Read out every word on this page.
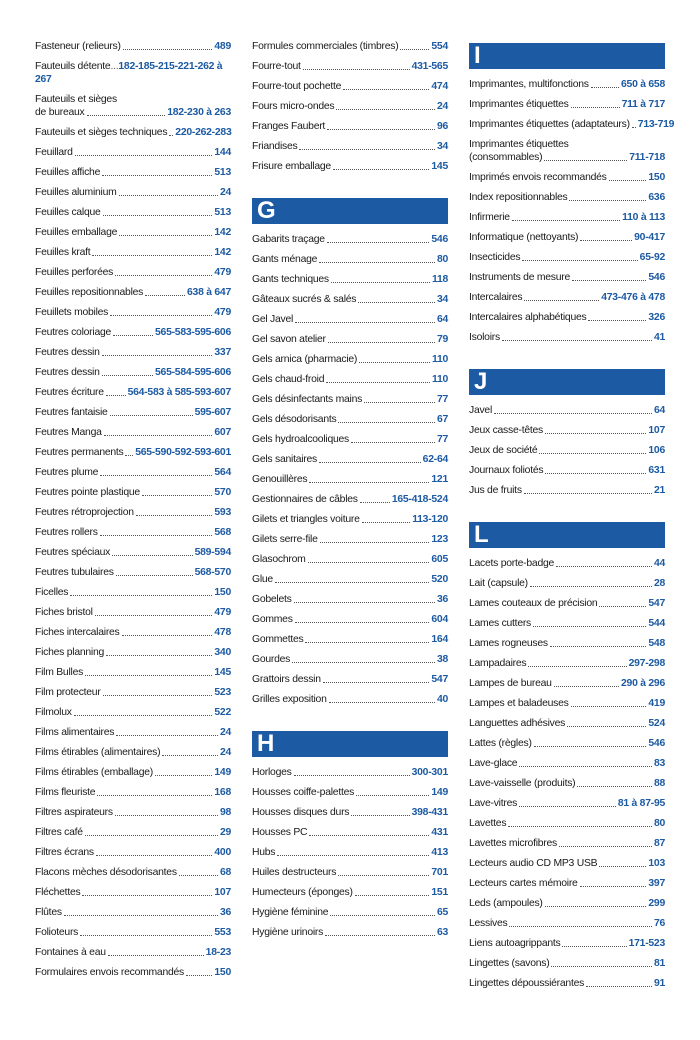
Fasteneur (relieurs)	489
Fauteuils détente...182-185-215-221-262 à 267
Fauteuils et sièges
de bureaux	182-230 à 263
Fauteuils et sièges techniques 220-262-283
Feuillard	144
Feuilles affiche	513
Feuilles aluminium	24
Feuilles calque	513
Feuilles emballage	142
Feuilles kraft	142
Feuilles perforées	479
Feuilles repositionnables	638 à 647
Feuillets mobiles	479
Feutres coloriage	565-583-595-606
Feutres dessin	337
Feutres dessin	565-584-595-606
Feutres écriture 564-583 à 585-593-607
Feutres fantaisie	595-607
Feutres Manga	607
Feutres permanents 565-590-592-593-601
Feutres plume	564
Feutres pointe plastique	570
Feutres rétroprojection	593
Feutres rollers	568
Feutres spéciaux	589-594
Feutres tubulaires	568-570
Ficelles	150
Fiches bristol	479
Fiches intercalaires	478
Fiches planning	340
Film Bulles	145
Film protecteur	523
Filmolux	522
Films alimentaires	24
Films étirables (alimentaires)	24
Films étirables (emballage)	149
Films fleuriste	168
Filtres aspirateurs	98
Filtres café	29
Filtres écrans	400
Flacons mèches désodorisantes	68
Fléchettes	107
Flûtes	36
Folioteurs	553
Fontaines à eau	18-23
Formulaires envois recommandés	150
Formules commerciales (timbres)	554
Fourre-tout	431-565
Fourre-tout pochette	474
Fours micro-ondes	24
Franges Faubert	96
Friandises	34
Frisure emballage	145
G
Gabarits traçage	546
Gants ménage	80
Gants techniques	118
Gâteaux sucrés & salés	34
Gel Javel	64
Gel savon atelier	79
Gels arnica (pharmacie)	110
Gels chaud-froid	110
Gels désinfectants mains	77
Gels désodorisants	67
Gels hydroalcooliques	77
Gels sanitaires	62-64
Genouillères	121
Gestionnaires de câbles	165-418-524
Gilets et triangles voiture	113-120
Gilets serre-file	123
Glasochrom	605
Glue	520
Gobelets	36
Gommes	604
Gommettes	164
Gourdes	38
Grattoirs dessin	547
Grilles exposition	40
H
Horloges	300-301
Housses coiffe-palettes	149
Housses disques durs	398-431
Housses PC	431
Hubs	413
Huiles destructeurs	701
Humecteurs (éponges)	151
Hygiène féminine	65
Hygiène urinoirs	63
I
Imprimantes, multifonctions	650 à 658
Imprimantes étiquettes	711 à 717
Imprimantes étiquettes (adaptateurs) 713-719
Imprimantes étiquettes
(consommables)	711-718
Imprimés envois recommandés	150
Index repositionnables	636
Infirmerie	110 à 113
Informatique (nettoyants)	90-417
Insecticides	65-92
Instruments de mesure	546
Intercalaires	473-476 à 478
Intercalaires alphabétiques	326
Isoloirs	41
J
Javel	64
Jeux casse-têtes	107
Jeux de société	106
Journaux foliotés	631
Jus de fruits	21
L
Lacets porte-badge	44
Lait (capsule)	28
Lames couteaux de précision	547
Lames cutters	544
Lames rogneuses	548
Lampadaires	297-298
Lampes de bureau	290 à 296
Lampes et baladeuses	419
Languettes adhésives	524
Lattes (règles)	546
Lave-glace	83
Lave-vaisselle (produits)	88
Lave-vitres	81 à 87-95
Lavettes	80
Lavettes microfibres	87
Lecteurs audio CD MP3 USB	103
Lecteurs cartes mémoire	397
Leds (ampoules)	299
Lessives	76
Liens autoagrippants	171-523
Lingettes (savons)	81
Lingettes dépoussiérantes	91
